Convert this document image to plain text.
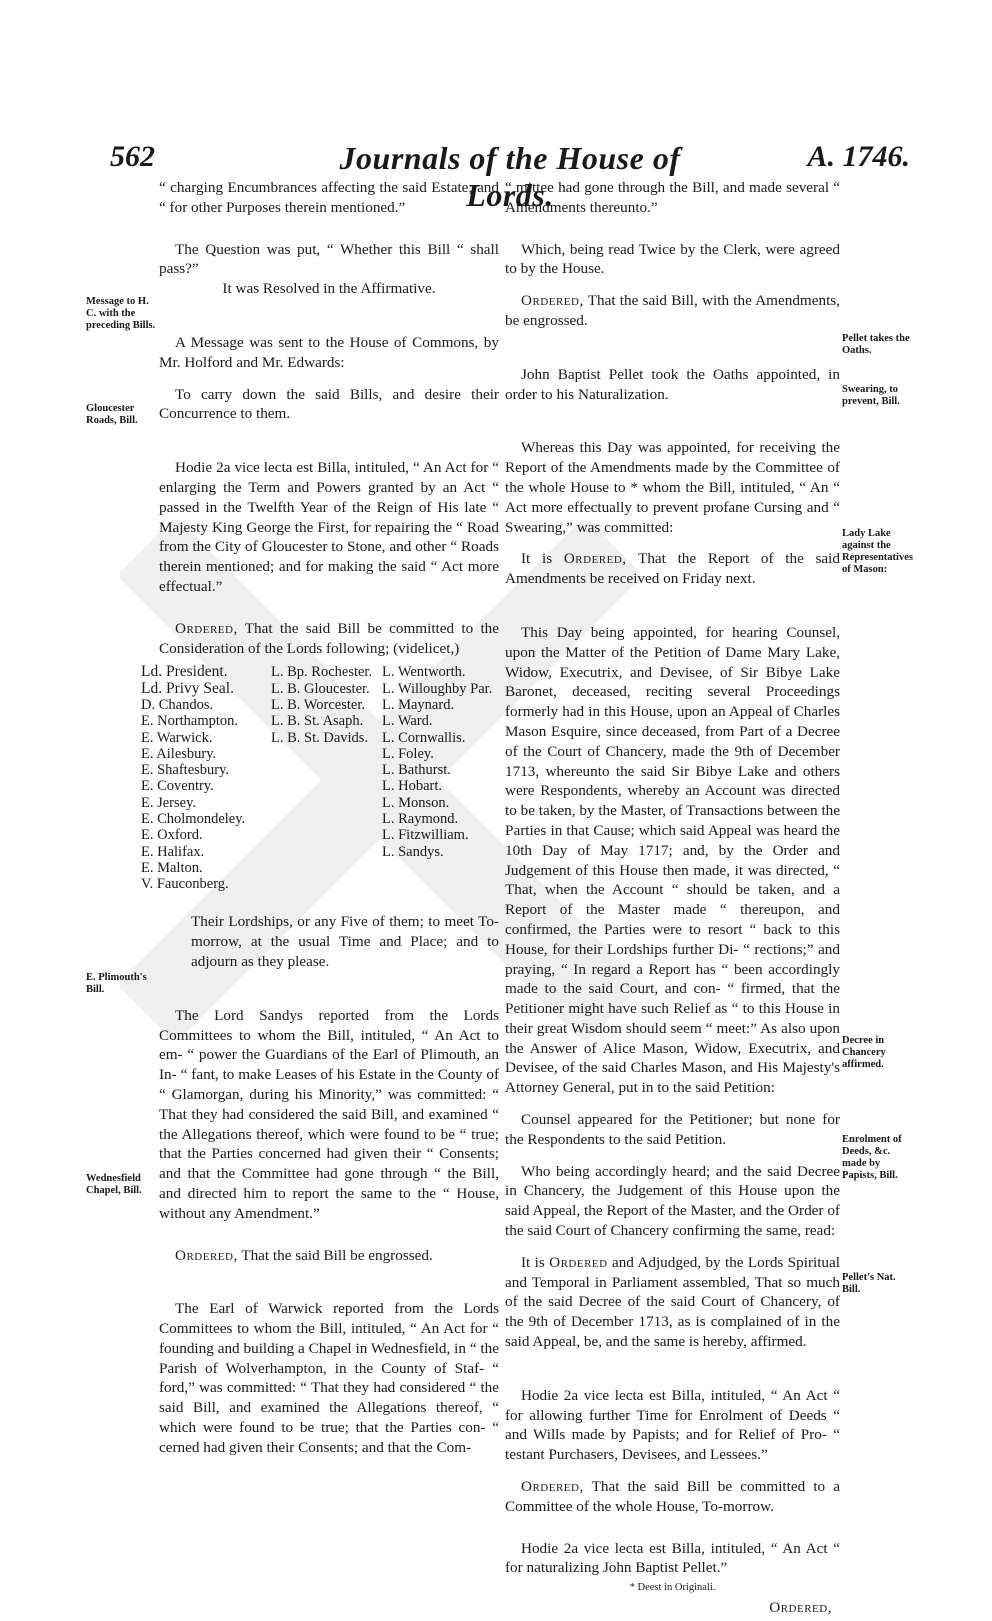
562	Journals of the House of Lords.
A. 1746.

“ charging Encumbrances affecting the said Estate; and “ for other Purposes therein mentioned.”

The Question was put, “ Whether this Bill “ shall pass?”

It was Resolved in the Affirmative.

A Message was sent to the House of Commons, by Mr. Holford and Mr. Edwards:

To carry down the said Bills, and desire their Concurrence to them.

Hodie 2a vice lecta est Billa, intituled, “ An Act for “ enlarging the Term and Powers granted by an Act “ passed in the Twelfth Year of the Reign of His late “ Majesty King George the First, for repairing the “ Road from the City of Gloucester to Stone, and other “ Roads therein mentioned; and for making the said “ Act more effectual.”

Ordered, That the said Bill be committed to the Consideration of the Lords following; (videlicet,)

Ld. President.
Ld. Privy Seal.
D. Chandos.
E. Northampton.
E. Warwick.
E. Ailesbury.
E. Shaftesbury.
E. Coventry.
E. Jersey.
E. Cholmondeley.
E. Oxford.
E. Halifax.
E. Malton.
V. Fauconberg.
L. Bp. Rochester.
L. B. Gloucester.
L. B. Worcester.
L. B. St. Asaph.
L. B. St. Davids.
L. Wentworth.
L. Willoughby Par.
L. Maynard.
L. Ward.
L. Cornwallis.
L. Foley.
L. Bathurst.
L. Hobart.
L. Monson.
L. Raymond.
L. Fitzwilliam.
L. Sandys.

Their Lordships, or any Five of them; to meet To-morrow, at the usual Time and Place; and to adjourn as they please.

The Lord Sandys reported from the Lords Committees to whom the Bill, intituled, “ An Act to em- “ power the Guardians of the Earl of Plimouth, an In- “ fant, to make Leases of his Estate in the County of “ Glamorgan, during his Minority,” was committed: “ That they had considered the said Bill, and examined “ the Allegations thereof, which were found to be “ true; that the Parties concerned had given their “ Consents; and that the Committee had gone through “ the Bill, and directed him to report the same to the “ House, without any Amendment.”

Ordered, That the said Bill be engrossed.

The Earl of Warwick reported from the Lords Committees to whom the Bill, intituled, “ An Act for “ founding and building a Chapel in Wednesfield, in “ the Parish of Wolverhampton, in the County of Staf- “ ford,” was committed: “ That they had considered “ the said Bill, and examined the Allegations thereof, “ which were found to be true; that the Parties con- “ cerned had given their Consents; and that the Com-

“ mittee had gone through the Bill, and made several “ Amendments thereunto.”

Which, being read Twice by the Clerk, were agreed to by the House.

Ordered, That the said Bill, with the Amendments, be engrossed.

John Baptist Pellet took the Oaths appointed, in order to his Naturalization.

Whereas this Day was appointed, for receiving the Report of the Amendments made by the Committee of the whole House to * whom the Bill, intituled, “ An “ Act more effectually to prevent profane Cursing and “ Swearing,” was committed:

It is Ordered, That the Report of the said Amendments be received on Friday next.

This Day being appointed, for hearing Counsel, upon the Matter of the Petition of Dame Mary Lake, Widow, Executrix, and Devisee, of Sir Bibye Lake Baronet, deceased, reciting several Proceedings formerly had in this House, upon an Appeal of Charles Mason Esquire, since deceased, from Part of a Decree of the Court of Chancery, made the 9th of December 1713, whereunto the said Sir Bibye Lake and others were Respondents, whereby an Account was directed to be taken, by the Master, of Transactions between the Parties in that Cause; which said Appeal was heard the 10th Day of May 1717; and, by the Order and Judgement of this House then made, it was directed, “ That, when the Account “ should be taken, and a Report of the Master made “ thereupon, and confirmed, the Parties were to resort “ back to this House, for their Lordships further Di- “ rections;” and praying, “ In regard a Report has “ been accordingly made to the said Court, and con- “ firmed, that the Petitioner might have such Relief as “ to this House in their great Wisdom should seem “ meet:” As also upon the Answer of Alice Mason, Widow, Executrix, and Devisee, of the said Charles Mason, and His Majesty's Attorney General, put in to the said Petition:

Counsel appeared for the Petitioner; but none for the Respondents to the said Petition.

Who being accordingly heard; and the said Decree in Chancery, the Judgement of this House upon the said Appeal, the Report of the Master, and the Order of the said Court of Chancery confirming the same, read:

It is Ordered and Adjudged, by the Lords Spiritual and Temporal in Parliament assembled, That so much of the said Decree of the said Court of Chancery, of the 9th of December 1713, as is complained of in the said Appeal, be, and the same is hereby, affirmed.

Hodie 2a vice lecta est Billa, intituled, “ An Act “ for allowing further Time for Enrolment of Deeds “ and Wills made by Papists; and for Relief of Pro- “ testant Purchasers, Devisees, and Lessees.”

Ordered, That the said Bill be committed to a Committee of the whole House, To-morrow.

Hodie 2a vice lecta est Billa, intituled, “ An Act “ for naturalizing John Baptist Pellet.”

* Deest in Originali.

Ordered,

Message to H. C. with the preceding Bills.
Gloucester Roads, Bill.
E. Plimouth's Bill.
Wednesfield Chapel, Bill.
Pellet takes the Oaths.
Swearing, to prevent, Bill.
Lady Lake against the Representatives of Mason:
Decree in Chancery affirmed.
Enrolment of Deeds, &c. made by Papists, Bill.
Pellet's Nat. Bill.
